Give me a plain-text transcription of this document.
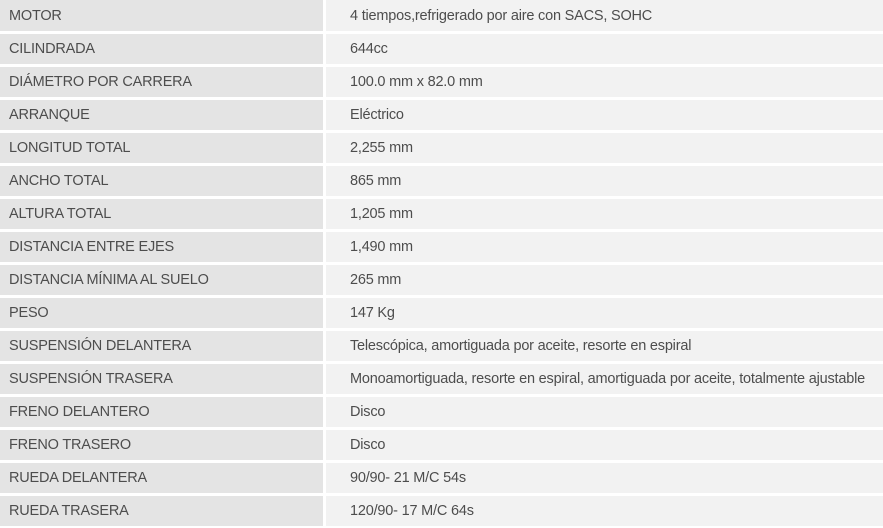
MOTOR	4 tiempos,refrigerado por aire con SACS, SOHC
CILINDRADA	644cc
DIÁMETRO POR CARRERA	100.0 mm x 82.0 mm
ARRANQUE	Eléctrico
LONGITUD TOTAL	2,255 mm
ANCHO TOTAL	865 mm
ALTURA TOTAL	1,205 mm
DISTANCIA ENTRE EJES	1,490 mm
DISTANCIA MÍNIMA AL SUELO	265 mm
PESO	147 Kg
SUSPENSIÓN DELANTERA	Telescópica, amortiguada por aceite, resorte en espiral
SUSPENSIÓN TRASERA	Monoamortiguada, resorte en espiral, amortiguada por aceite, totalmente ajustable
FRENO DELANTERO	Disco
FRENO TRASERO	Disco
RUEDA DELANTERA	90/90- 21 M/C 54s
RUEDA TRASERA	120/90- 17 M/C 64s
